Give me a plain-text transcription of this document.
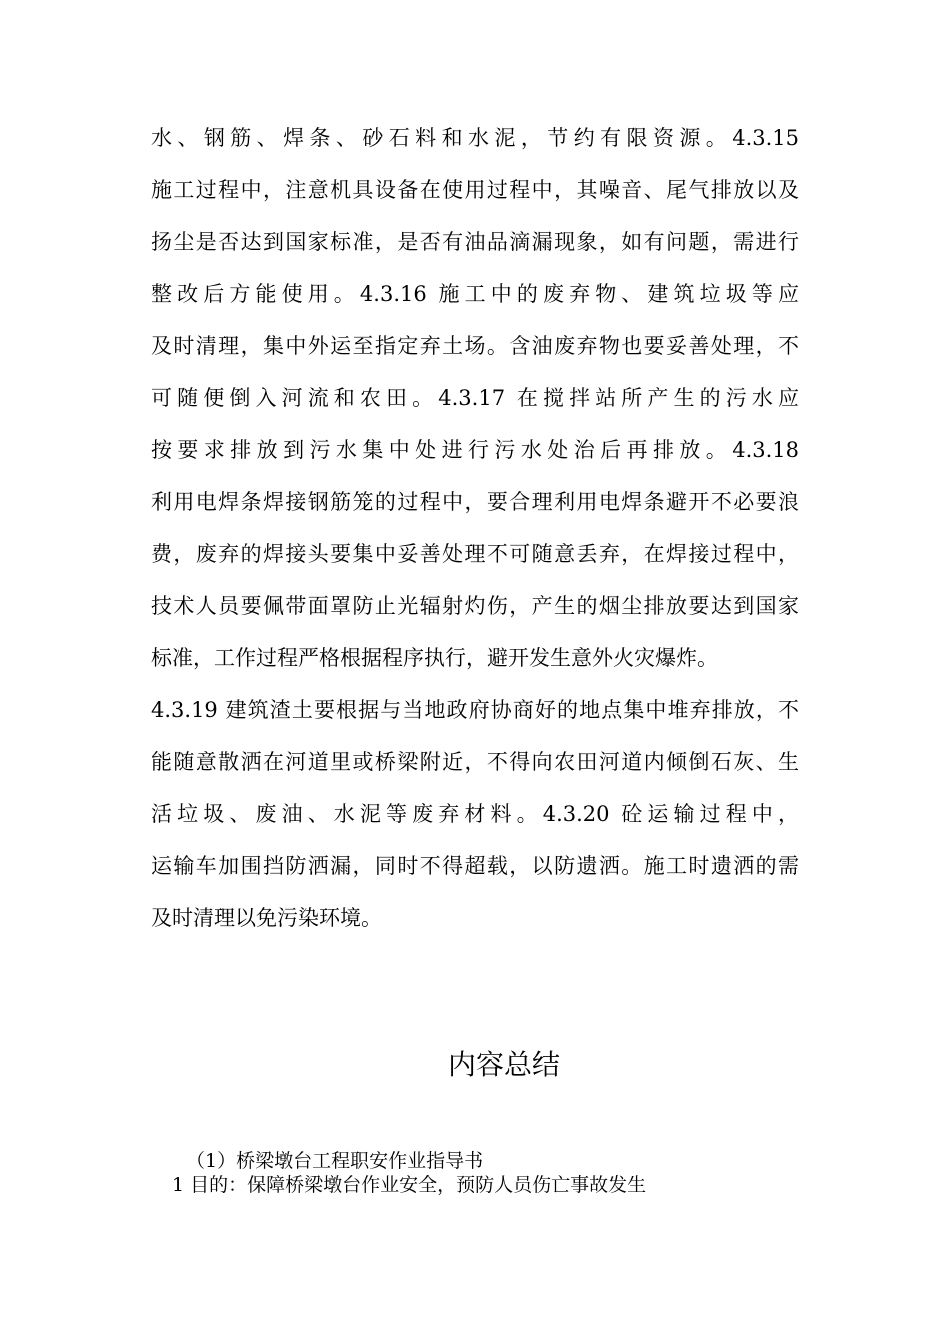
水、钢筋、焊条、砂石料和水泥，节约有限资源。4.3.15
施工过程中，注意机具设备在使用过程中，其噪音、尾气排放以及
扬尘是否达到国家标准，是否有油品滴漏现象，如有问题，需进行
整改后方能使用。4.3.16 施工中的废弃物、建筑垃圾等应
及时清理，集中外运至指定弃土场。含油废弃物也要妥善处理，不
可随便倒入河流和农田。4.3.17 在搅拌站所产生的污水应
按要求排放到污水集中处进行污水处治后再排放。4.3.18
利用电焊条焊接钢筋笼的过程中，要合理利用电焊条避开不必要浪
费，废弃的焊接头要集中妥善处理不可随意丢弃，在焊接过程中，
技术人员要佩带面罩防止光辐射灼伤，产生的烟尘排放要达到国家
标准，工作过程严格根据程序执行，避开发生意外火灾爆炸。
4.3.19 建筑渣土要根据与当地政府协商好的地点集中堆弃排放，不
能随意散洒在河道里或桥梁附近，不得向农田河道内倾倒石灰、生
活垃圾、废油、水泥等废弃材料。4.3.20 砼运输过程中，
运输车加围挡防洒漏，同时不得超载，以防遗洒。施工时遗洒的需
及时清理以免污染环境。
内容总结
（1）桥梁墩台工程职安作业指导书
1 目的：保障桥梁墩台作业安全，预防人员伤亡事故发生
